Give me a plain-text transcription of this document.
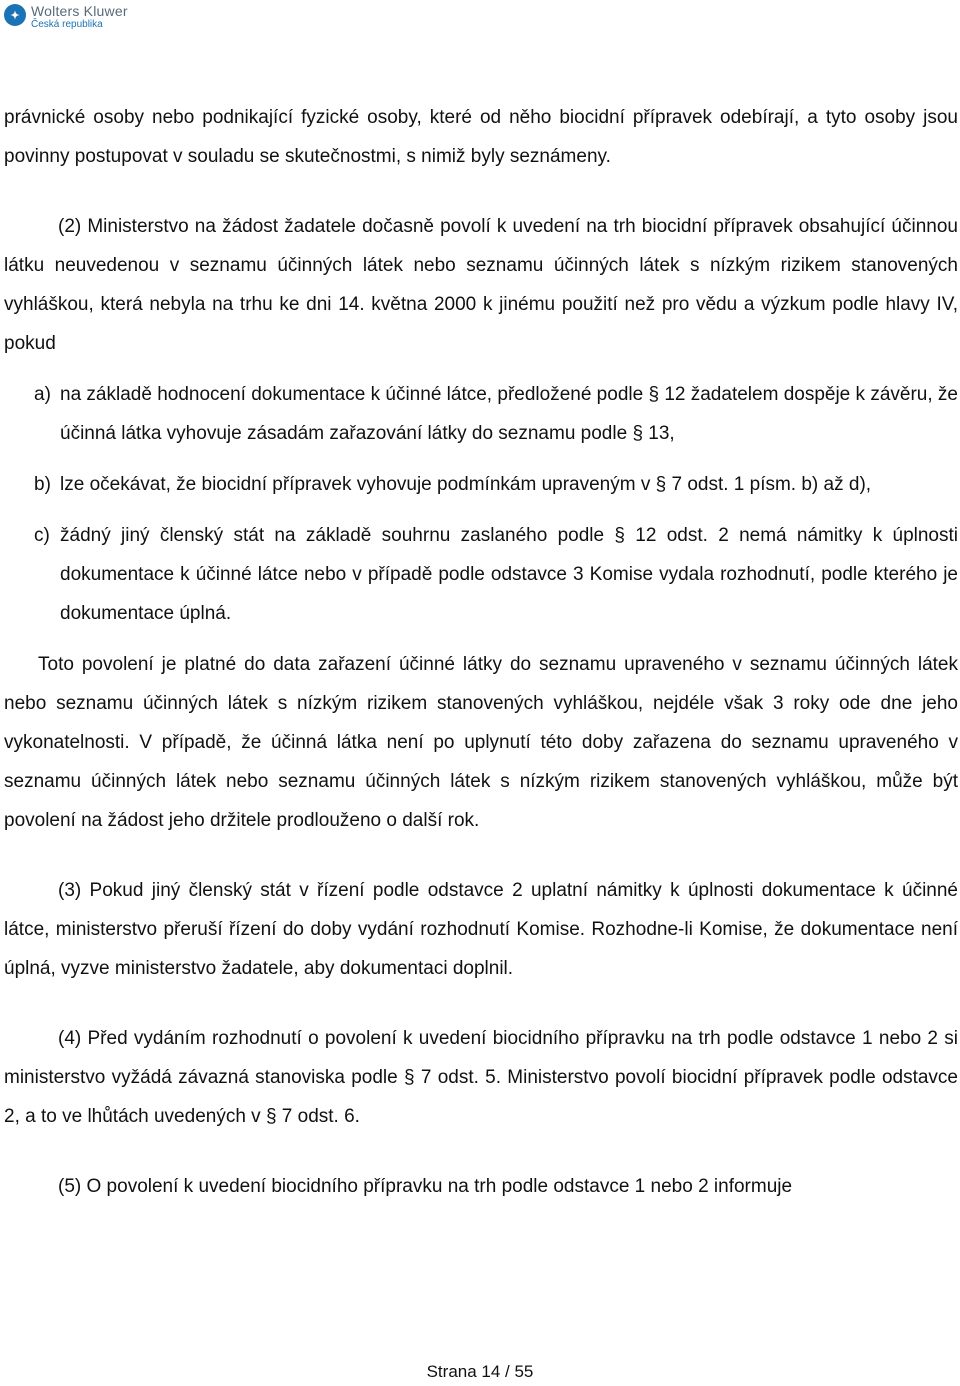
✦ Wolters Kluwer
Česká republika

právnické osoby nebo podnikající fyzické osoby, které od něho biocidní přípravek odebírají, a tyto osoby jsou povinny postupovat v souladu se skutečnostmi, s nimiž byly seznámeny.

(2) Ministerstvo na žádost žadatele dočasně povolí k uvedení na trh biocidní přípravek obsahující účinnou látku neuvedenou v seznamu účinných látek nebo seznamu účinných látek s nízkým rizikem stanovených vyhláškou, která nebyla na trhu ke dni 14. května 2000 k jinému použití než pro vědu a výzkum podle hlavy IV, pokud

a) na základě hodnocení dokumentace k účinné látce, předložené podle § 12 žadatelem dospěje k závěru, že účinná látka vyhovuje zásadám zařazování látky do seznamu podle § 13,
b) lze očekávat, že biocidní přípravek vyhovuje podmínkám upraveným v § 7 odst. 1 písm. b) až d),
c) žádný jiný členský stát na základě souhrnu zaslaného podle § 12 odst. 2 nemá námitky k úplnosti dokumentace k účinné látce nebo v případě podle odstavce 3 Komise vydala rozhodnutí, podle kterého je dokumentace úplná.

Toto povolení je platné do data zařazení účinné látky do seznamu upraveného v seznamu účinných látek nebo seznamu účinných látek s nízkým rizikem stanovených vyhláškou, nejdéle však 3 roky ode dne jeho vykonatelnosti. V případě, že účinná látka není po uplynutí této doby zařazena do seznamu upraveného v seznamu účinných látek nebo seznamu účinných látek s nízkým rizikem stanovených vyhláškou, může být povolení na žádost jeho držitele prodlouženo o další rok.

(3) Pokud jiný členský stát v řízení podle odstavce 2 uplatní námitky k úplnosti dokumentace k účinné látce, ministerstvo přeruší řízení do doby vydání rozhodnutí Komise. Rozhodne-li Komise, že dokumentace není úplná, vyzve ministerstvo žadatele, aby dokumentaci doplnil.

(4) Před vydáním rozhodnutí o povolení k uvedení biocidního přípravku na trh podle odstavce 1 nebo 2 si ministerstvo vyžádá závazná stanoviska podle § 7 odst. 5. Ministerstvo povolí biocidní přípravek podle odstavce 2, a to ve lhůtách uvedených v § 7 odst. 6.

(5) O povolení k uvedení biocidního přípravku na trh podle odstavce 1 nebo 2 informuje

Strana 14 / 55
